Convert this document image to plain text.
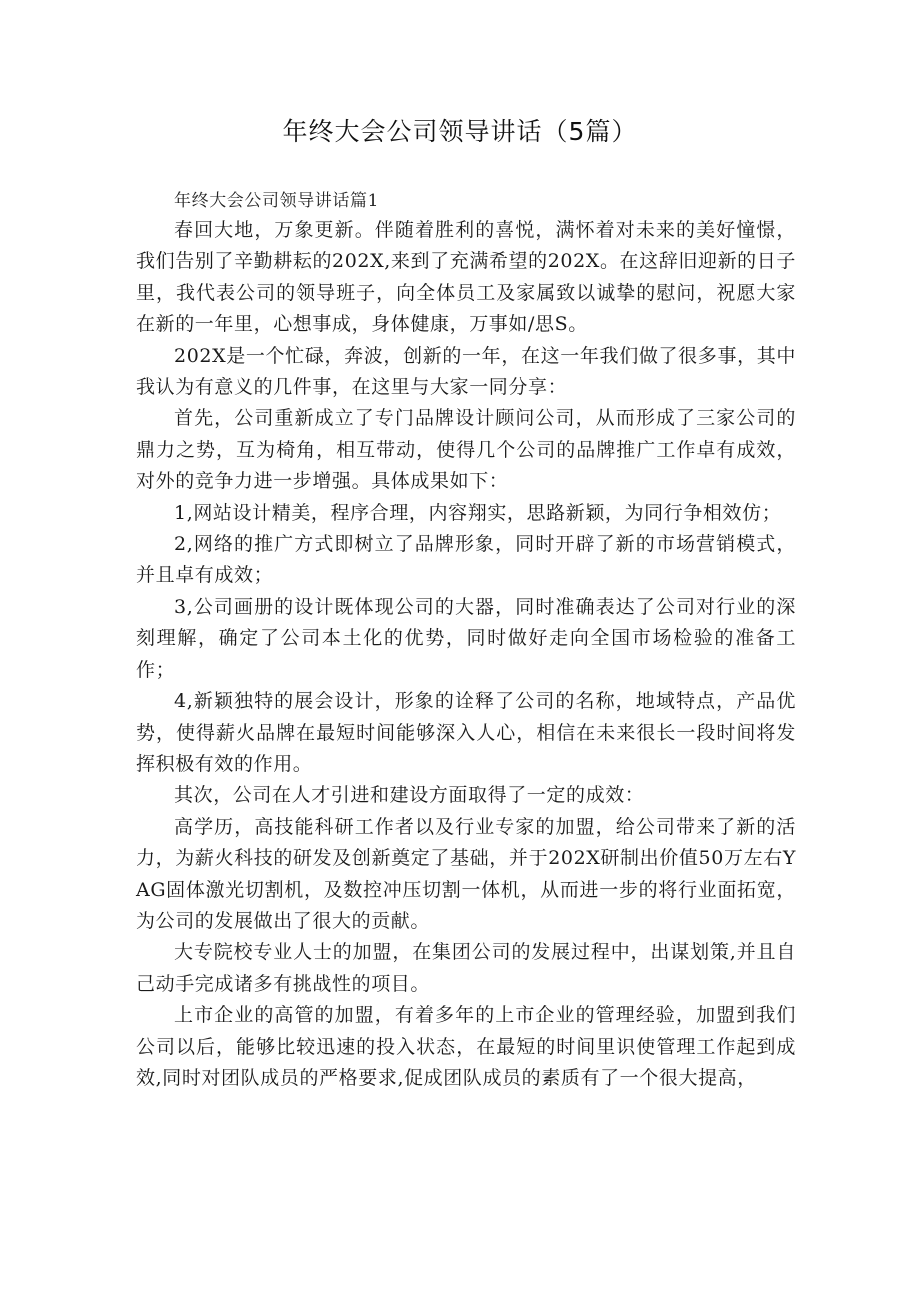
年终大会公司领导讲话（5篇）

年终大会公司领导讲话篇1

春回大地，万象更新。伴随着胜利的喜悦，满怀着对未来的美好憧憬，我们告别了辛勤耕耘的202X,来到了充满希望的202X。在这辞旧迎新的日子里，我代表公司的领导班子，向全体员工及家属致以诚挚的慰问，祝愿大家在新的一年里，心想事成，身体健康，万事如/思S。

202X是一个忙碌，奔波，创新的一年，在这一年我们做了很多事，其中我认为有意义的几件事，在这里与大家一同分享：

首先，公司重新成立了专门品牌设计顾问公司，从而形成了三家公司的鼎力之势，互为椅角，相互带动，使得几个公司的品牌推广工作卓有成效，对外的竞争力进一步增强。具体成果如下：

1,网站设计精美，程序合理，内容翔实，思路新颖，为同行争相效仿；

2,网络的推广方式即树立了品牌形象，同时开辟了新的市场营销模式，并且卓有成效；

3,公司画册的设计既体现公司的大器，同时准确表达了公司对行业的深刻理解，确定了公司本土化的优势，同时做好走向全国市场检验的准备工作；

4,新颖独特的展会设计，形象的诠释了公司的名称，地域特点，产品优势，使得薪火品牌在最短时间能够深入人心，相信在未来很长一段时间将发挥积极有效的作用。

其次，公司在人才引进和建设方面取得了一定的成效：

高学历，高技能科研工作者以及行业专家的加盟，给公司带来了新的活力，为薪火科技的研发及创新奠定了基础，并于202X研制出价值50万左右YAG固体激光切割机，及数控冲压切割一体机，从而进一步的将行业面拓宽，为公司的发展做出了很大的贡献。

大专院校专业人士的加盟，在集团公司的发展过程中，出谋划策,并且自己动手完成诸多有挑战性的项目。

上市企业的高管的加盟，有着多年的上市企业的管理经验，加盟到我们公司以后，能够比较迅速的投入状态，在最短的时间里识使管理工作起到成效,同时对团队成员的严格要求,促成团队成员的素质有了一个很大提高，
